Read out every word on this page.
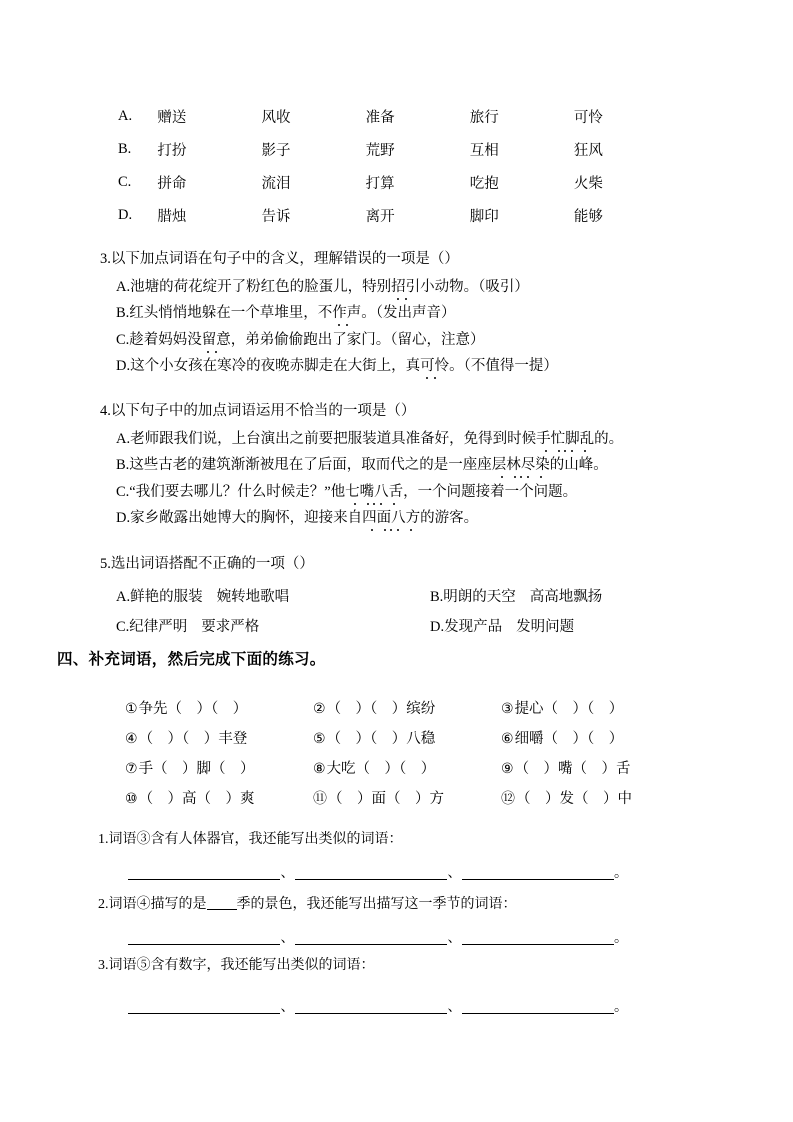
A.	赠送	风收	准备	旅行	可怜
B.	打扮	影子	荒野	互相	狂风
C.	拼命	流泪	打算	吃抱	火柴
D.	腊烛	告诉	离开	脚印	能够
3.以下加点词语在句子中的含义，理解错误的一项是（）
A.池塘的荷花绽开了粉红色的脸蛋儿，特别招引小动物。（吸引）
B.红头悄悄地躲在一个草堆里，不作声。（发出声音）
C.趁着妈妈没留意，弟弟偷偷跑出了家门。（留心，注意）
D.这个小女孩在寒冷的夜晚赤脚走在大街上，真可怜。（不值得一提）
4.以下句子中的加点词语运用不恰当的一项是（）
A.老师跟我们说，上台演出之前要把服装道具准备好，免得到时候手忙脚乱的。
B.这些古老的建筑渐渐被甩在了后面，取而代之的是一座座层林尽染的山峰。
C.“我们要去哪儿？什么时候走？”他七嘴八舌，一个问题接着一个问题。
D.家乡敞露出她博大的胸怀，迎接来自四面八方的游客。
5.选出词语搭配不正确的一项（）
A.鲜艳的服装 婉转地歌唱	B.明朗的天空 高高地飘扬
C.纪律严明 要求严格	D.发现产品 发明问题
四、补充词语，然后完成下面的练习。
①争先（　）（　）	②（　）（　）缤纷	③提心（　）（　）
④（　）（　）丰登	⑤（　）（　）八稳	⑥细嚼（　）（　）
⑦手（　）脚（　）	⑧大吃（　）（　）	⑨（　）嘴（　）舌
⑩（　）高（　）爽	⑪（　）面（　）方	⑫（　）发（　）中
1.词语③含有人体器官，我还能写出类似的词语：
、	、	。
2.词语④描写的是 季的景色，我还能写出描写这一季节的词语：
、	、	。
3.词语⑤含有数字，我还能写出类似的词语：
、	、	。
